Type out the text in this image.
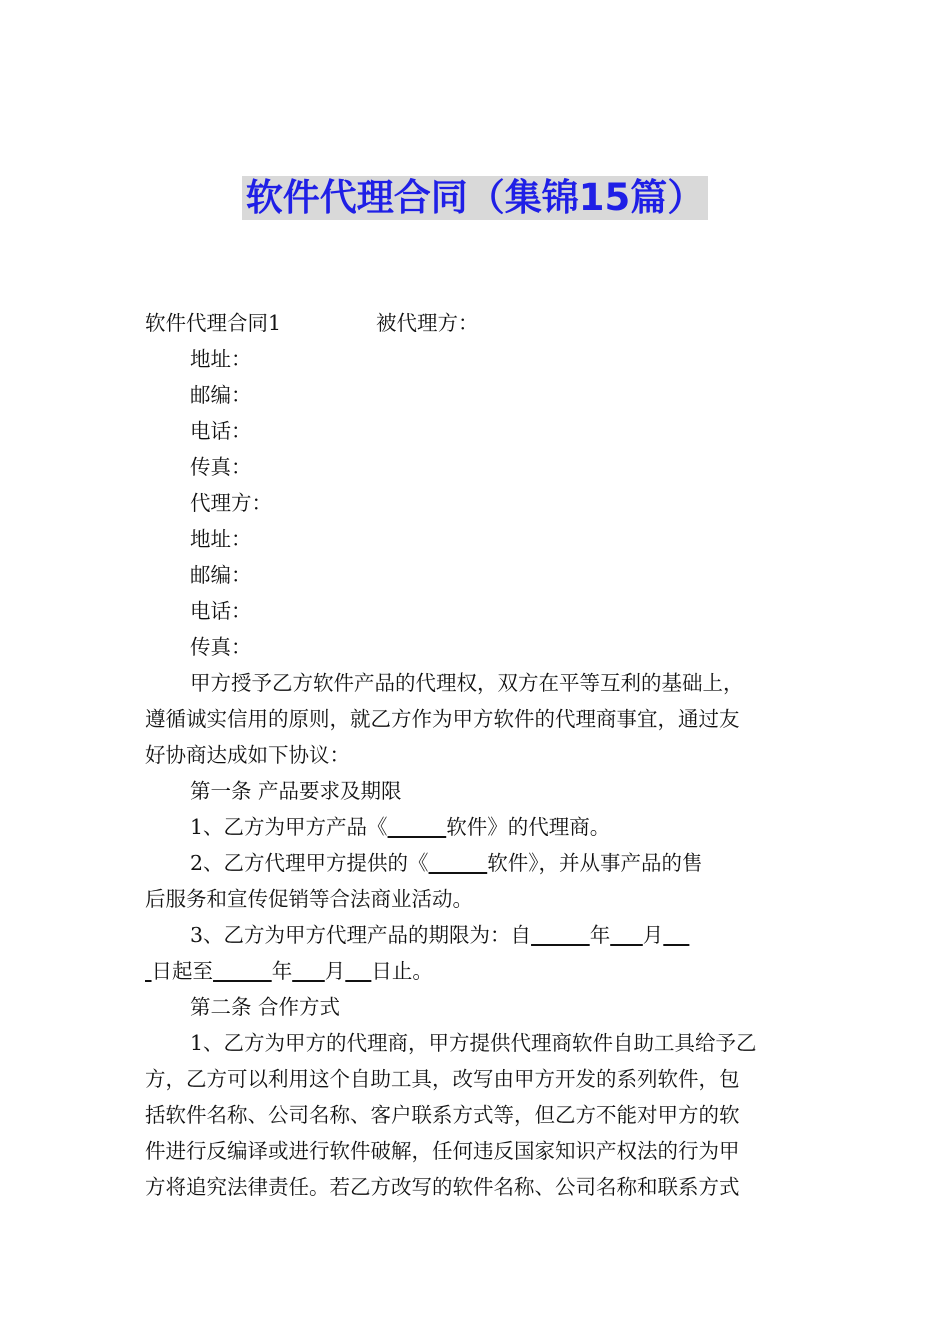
软件代理合同（集锦15篇）
软件代理合同1	被代理方：
地址：
邮编：
电话：
传真：
代理方：
地址：
邮编：
电话：
传真：
甲方授予乙方软件产品的代理权，双方在平等互利的基础上，
遵循诚实信用的原则，就乙方作为甲方软件的代理商事宜，通过友
好协商达成如下协议：
第一条 产品要求及期限
1、乙方为甲方产品《	软件》的代理商。
2、乙方代理甲方提供的《	软件》，并从事产品的售
后服务和宣传促销等合法商业活动。
3、乙方为甲方代理产品的期限为：自	年 月
日起至	年 月 日止。
第二条 合作方式
1、乙方为甲方的代理商，甲方提供代理商软件自助工具给予乙
方，乙方可以利用这个自助工具，改写由甲方开发的系列软件，包
括软件名称、公司名称、客户联系方式等，但乙方不能对甲方的软
件进行反编译或进行软件破解，任何违反国家知识产权法的行为甲
方将追究法律责任。若乙方改写的软件名称、公司名称和联系方式
